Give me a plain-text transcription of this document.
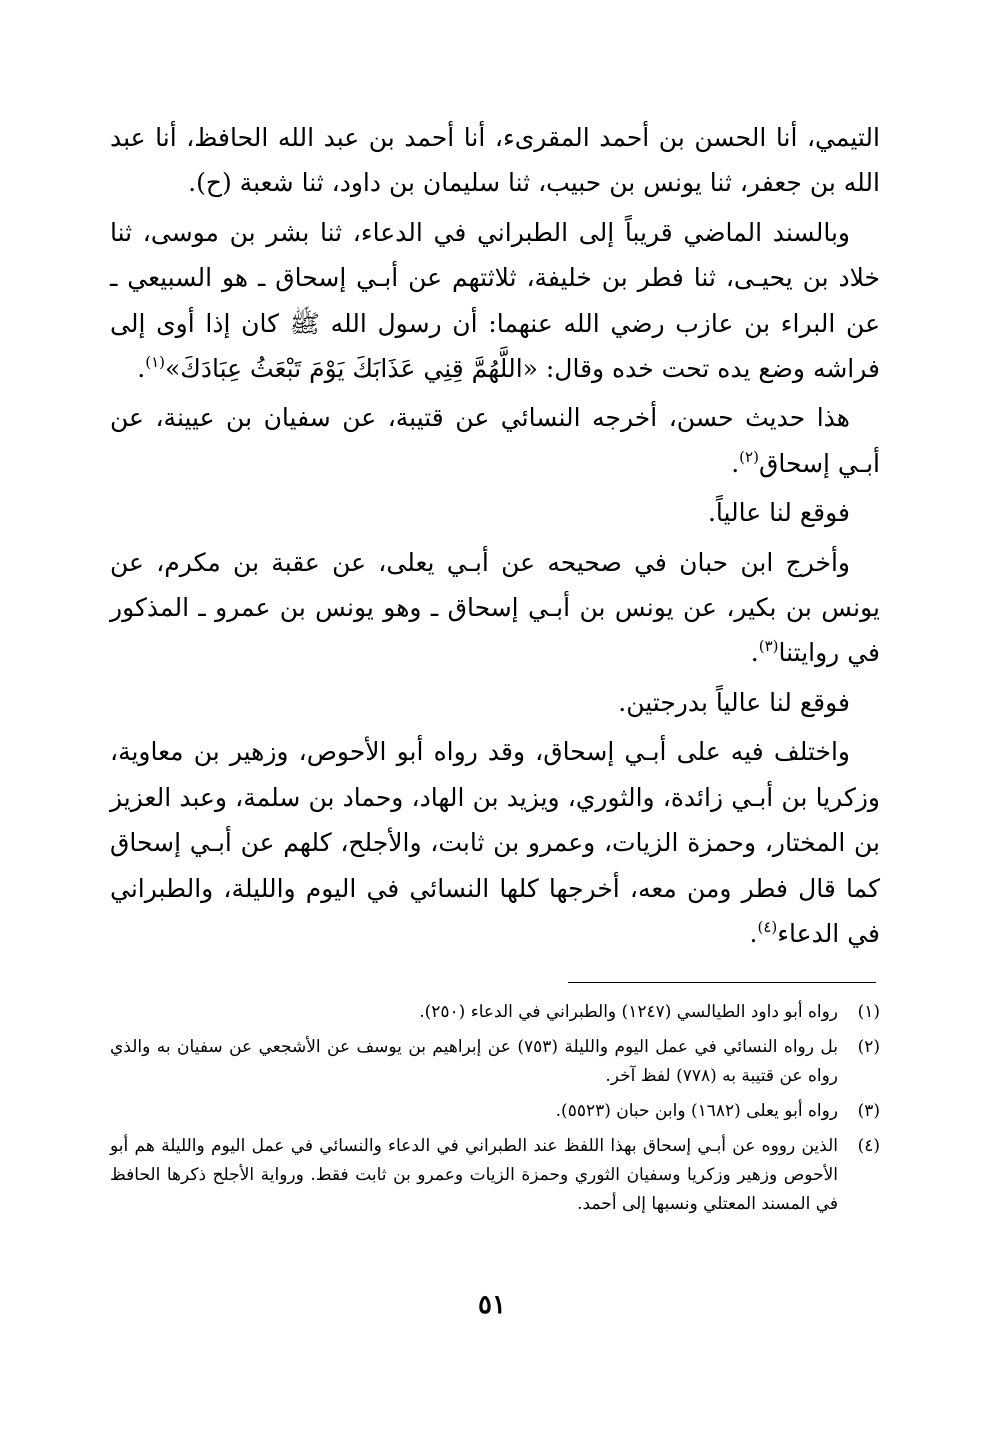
التيمي، أنا الحسن بن أحمد المقرىء، أنا أحمد بن عبد الله الحافظ، أنا عبد الله بن جعفر، ثنا يونس بن حبيب، ثنا سليمان بن داود، ثنا شعبة (ح).

وبالسند الماضي قريباً إلى الطبراني في الدعاء، ثنا بشر بن موسى، ثنا خلاد بن يحيـى، ثنا فطر بن خليفة، ثلاثتهم عن أبـي إسحاق ـ هو السبيعي ـ عن البراء بن عازب رضي الله عنهما: أن رسول الله ﷺ كان إذا أوى إلى فراشه وضع يده تحت خده وقال: «اللَّهُمَّ قِنِي عَذَابَكَ يَوْمَ تَبْعَثُ عِبَادَكَ»$^{(١)}$.

هذا حديث حسن، أخرجه النسائي عن قتيبة، عن سفيان بن عيينة، عن أبـي إسحاق$^{(٢)}$.

فوقع لنا عالياً.

وأخرج ابن حبان في صحيحه عن أبـي يعلى، عن عقبة بن مكرم، عن يونس بن بكير، عن يونس بن أبـي إسحاق ـ وهو يونس بن عمرو ـ المذكور في روايتنا$^{(٣)}$.

فوقع لنا عالياً بدرجتين.

واختلف فيه على أبـي إسحاق، وقد رواه أبو الأحوص، وزهير بن معاوية، وزكريا بن أبـي زائدة، والثوري، ويزيد بن الهاد، وحماد بن سلمة، وعبد العزيز بن المختار، وحمزة الزيات، وعمرو بن ثابت، والأجلح، كلهم عن أبـي إسحاق كما قال فطر ومن معه، أخرجها كلها النسائي في اليوم والليلة، والطبراني في الدعاء$^{(٤)}$.

(١)
رواه أبو داود الطيالسي (١٢٤٧) والطبراني في الدعاء (٢٥٠).
(٢)
بل رواه النسائي في عمل اليوم والليلة (٧٥٣) عن إبراهيم بن يوسف عن الأشجعي عن سفيان به والذي رواه عن قتيبة به (٧٧٨) لفظ آخر.
(٣)
رواه أبو يعلى (١٦٨٢) وابن حبان (٥٥٢٣).
(٤)
الذين رووه عن أبـي إسحاق بهذا اللفظ عند الطبراني في الدعاء والنسائي في عمل اليوم والليلة هم أبو الأحوص وزهير وزكريا وسفيان الثوري وحمزة الزيات وعمرو بن ثابت فقط. ورواية الأجلح ذكرها الحافظ في المسند المعتلي ونسبها إلى أحمد.
٥١
